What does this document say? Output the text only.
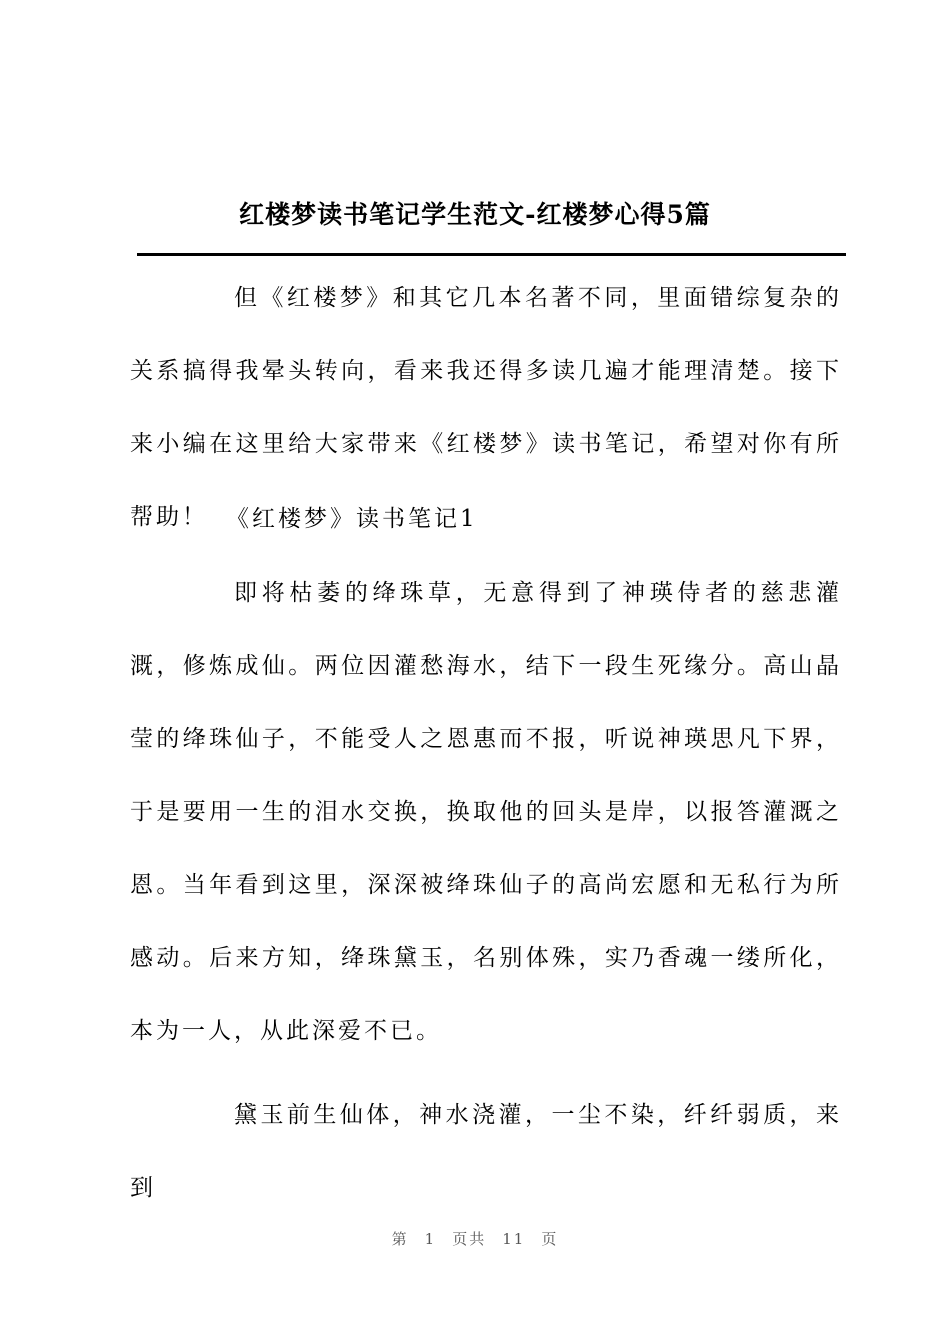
红楼梦读书笔记学生范文-红楼梦心得5篇
但《红楼梦》和其它几本名著不同，里面错综复杂的关系搞得我晕头转向，看来我还得多读几遍才能理清楚。接下来小编在这里给大家带来《红楼梦》读书笔记，希望对你有所帮助！ 《红楼梦》读书笔记1
即将枯萎的绛珠草，无意得到了神瑛侍者的慈悲灌溉，修炼成仙。两位因灌愁海水，结下一段生死缘分。高山晶莹的绛珠仙子，不能受人之恩惠而不报，听说神瑛思凡下界，于是要用一生的泪水交换，换取他的回头是岸，以报答灌溉之恩。当年看到这里，深深被绛珠仙子的高尚宏愿和无私行为所感动。后来方知，绛珠黛玉，名别体殊，实乃香魂一缕所化，本为一人，从此深爱不已。
黛玉前生仙体，神水浇灌，一尘不染，纤纤弱质，来到
第 1 页共 11 页
